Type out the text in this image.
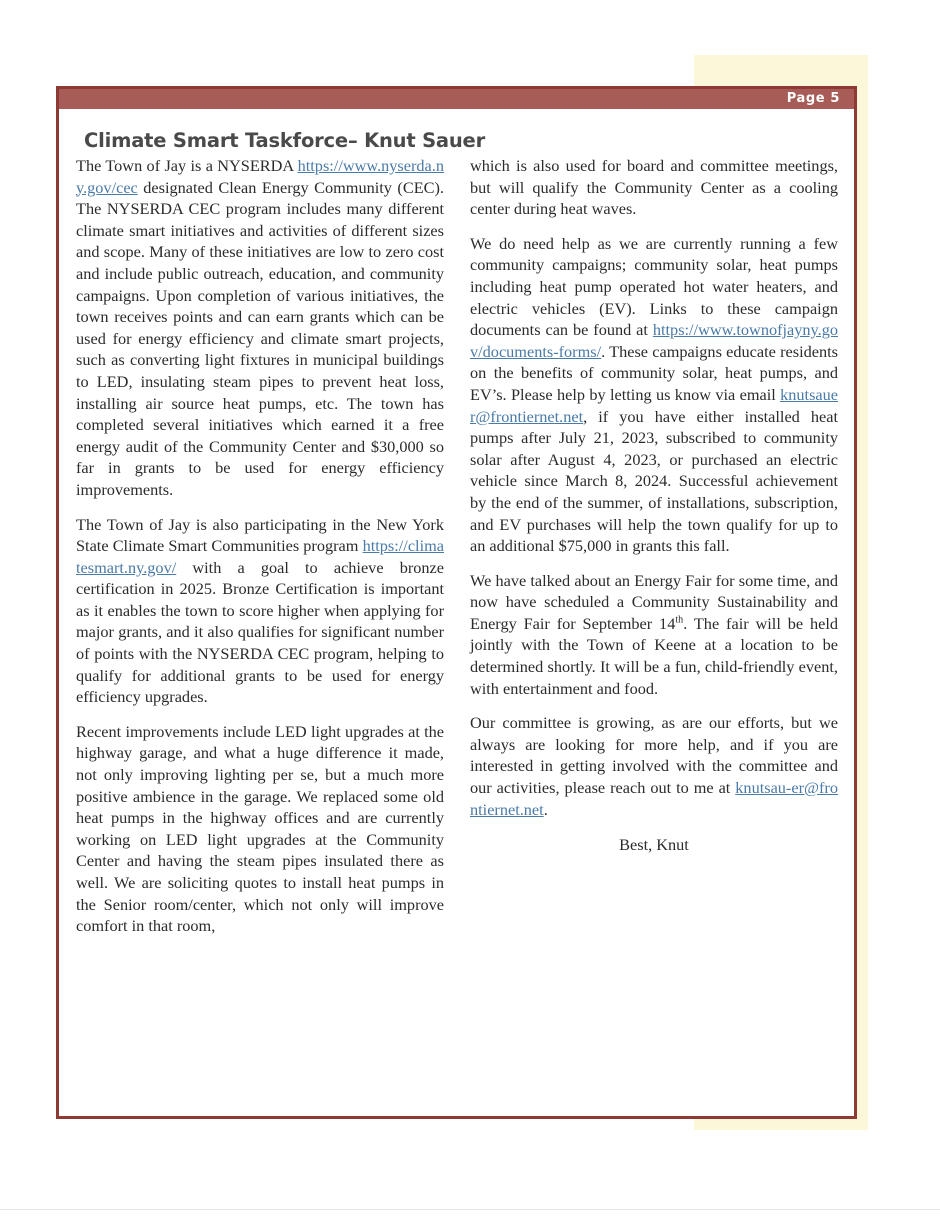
Page 5
Climate Smart Taskforce– Knut Sauer

The Town of Jay is a NYSERDA https://www.nyserda.ny.gov/cec designated Clean Energy Community (CEC). The NYSERDA CEC program includes many different climate smart initiatives and activities of different sizes and scope. Many of these initiatives are low to zero cost and include public outreach, education, and community campaigns. Upon completion of various initiatives, the town receives points and can earn grants which can be used for energy efficiency and climate smart projects, such as converting light fixtures in municipal buildings to LED, insulating steam pipes to prevent heat loss, installing air source heat pumps, etc. The town has completed several initiatives which earned it a free energy audit of the Community Center and $30,000 so far in grants to be used for energy efficiency improvements.

The Town of Jay is also participating in the New York State Climate Smart Communities program https://climatesmart.ny.gov/ with a goal to achieve bronze certification in 2025. Bronze Certification is important as it enables the town to score higher when applying for major grants, and it also qualifies for significant number of points with the NYSERDA CEC program, helping to qualify for additional grants to be used for energy efficiency upgrades.

Recent improvements include LED light upgrades at the highway garage, and what a huge difference it made, not only improving lighting per se, but a much more positive ambience in the garage. We replaced some old heat pumps in the highway offices and are currently working on LED light upgrades at the Community Center and having the steam pipes insulated there as well. We are soliciting quotes to install heat pumps in the Senior room/center, which not only will improve comfort in that room,

which is also used for board and committee meetings, but will qualify the Community Center as a cooling center during heat waves.

We do need help as we are currently running a few community campaigns; community solar, heat pumps including heat pump operated hot water heaters, and electric vehicles (EV). Links to these campaign documents can be found at https://www.townofjayny.gov/documents-forms/. These campaigns educate residents on the benefits of community solar, heat pumps, and EV’s. Please help by letting us know via email knutsauer@frontiernet.net, if you have either installed heat pumps after July 21, 2023, subscribed to community solar after August 4, 2023, or purchased an electric vehicle since March 8, 2024. Successful achievement by the end of the summer, of installations, subscription, and EV purchases will help the town qualify for up to an additional $75,000 in grants this fall.

We have talked about an Energy Fair for some time, and now have scheduled a Community Sustainability and Energy Fair for September 14th. The fair will be held jointly with the Town of Keene at a location to be determined shortly. It will be a fun, child-friendly event, with entertainment and food.

Our committee is growing, as are our efforts, but we always are looking for more help, and if you are interested in getting involved with the committee and our activities, please reach out to me at knutsau-er@frontiernet.net.

Best, Knut
